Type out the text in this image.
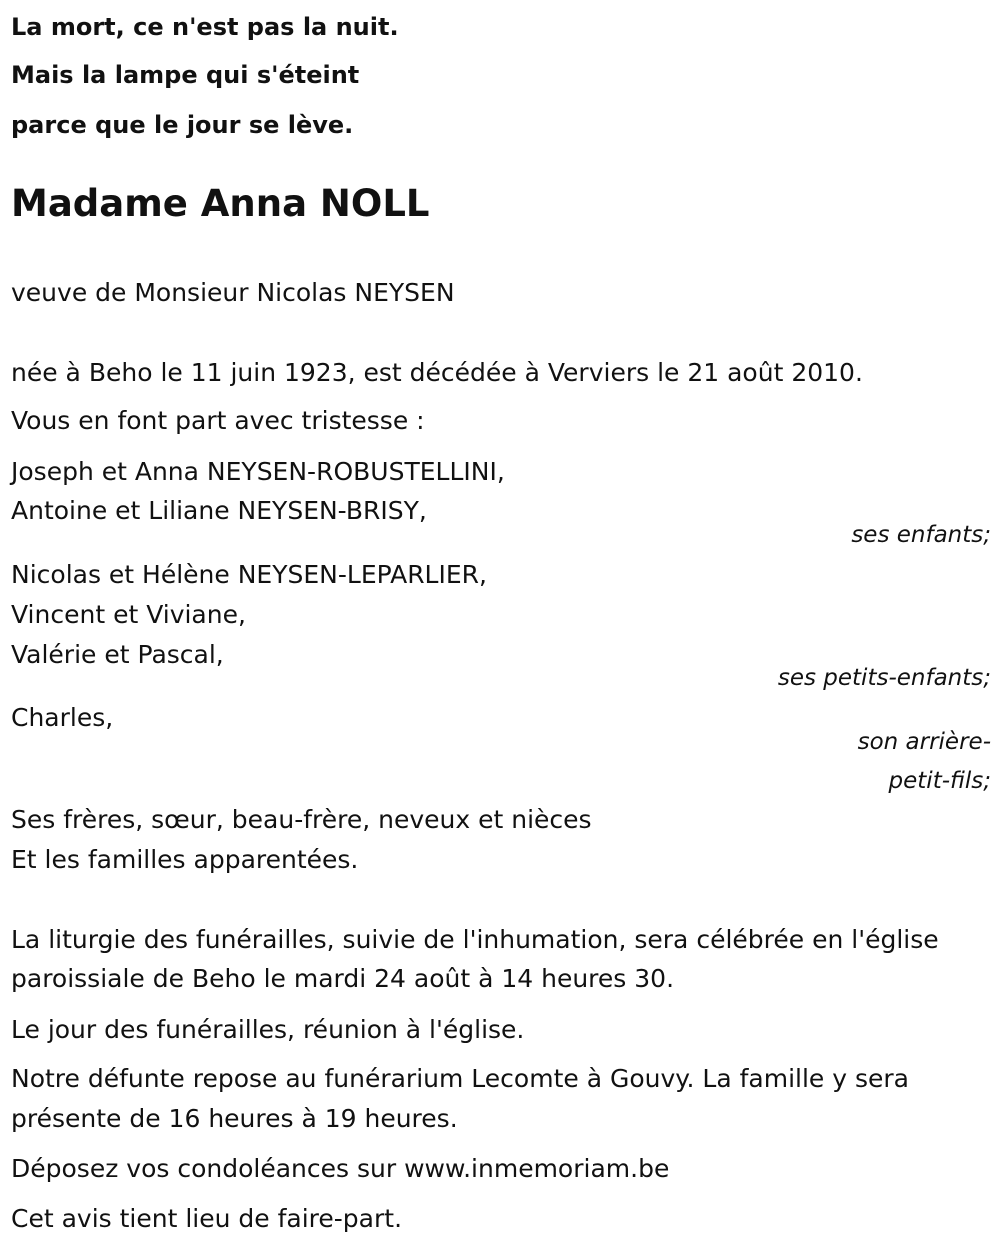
La mort, ce n'est pas la nuit.
Mais la lampe qui s'éteint
parce que le jour se lève.
Madame Anna NOLL
veuve de Monsieur Nicolas NEYSEN
née à Beho le 11 juin 1923, est décédée à Verviers le 21 août 2010.
Vous en font part avec tristesse :
Joseph et Anna NEYSEN-ROBUSTELLINI,
Antoine et Liliane NEYSEN-BRISY,
ses enfants;
Nicolas et Hélène NEYSEN-LEPARLIER,
Vincent et Viviane,
Valérie et Pascal,
ses petits-enfants;
Charles,
son arrière-
petit-fils;
Ses frères, sœur, beau-frère, neveux et nièces
Et les familles apparentées.
La liturgie des funérailles, suivie de l'inhumation, sera célébrée en l'église
paroissiale de Beho le mardi 24 août à 14 heures 30.
Le jour des funérailles, réunion à l'église.
Notre défunte repose au funérarium Lecomte à Gouvy. La famille y sera
présente de 16 heures à 19 heures.
Déposez vos condoléances sur www.inmemoriam.be
Cet avis tient lieu de faire-part.
